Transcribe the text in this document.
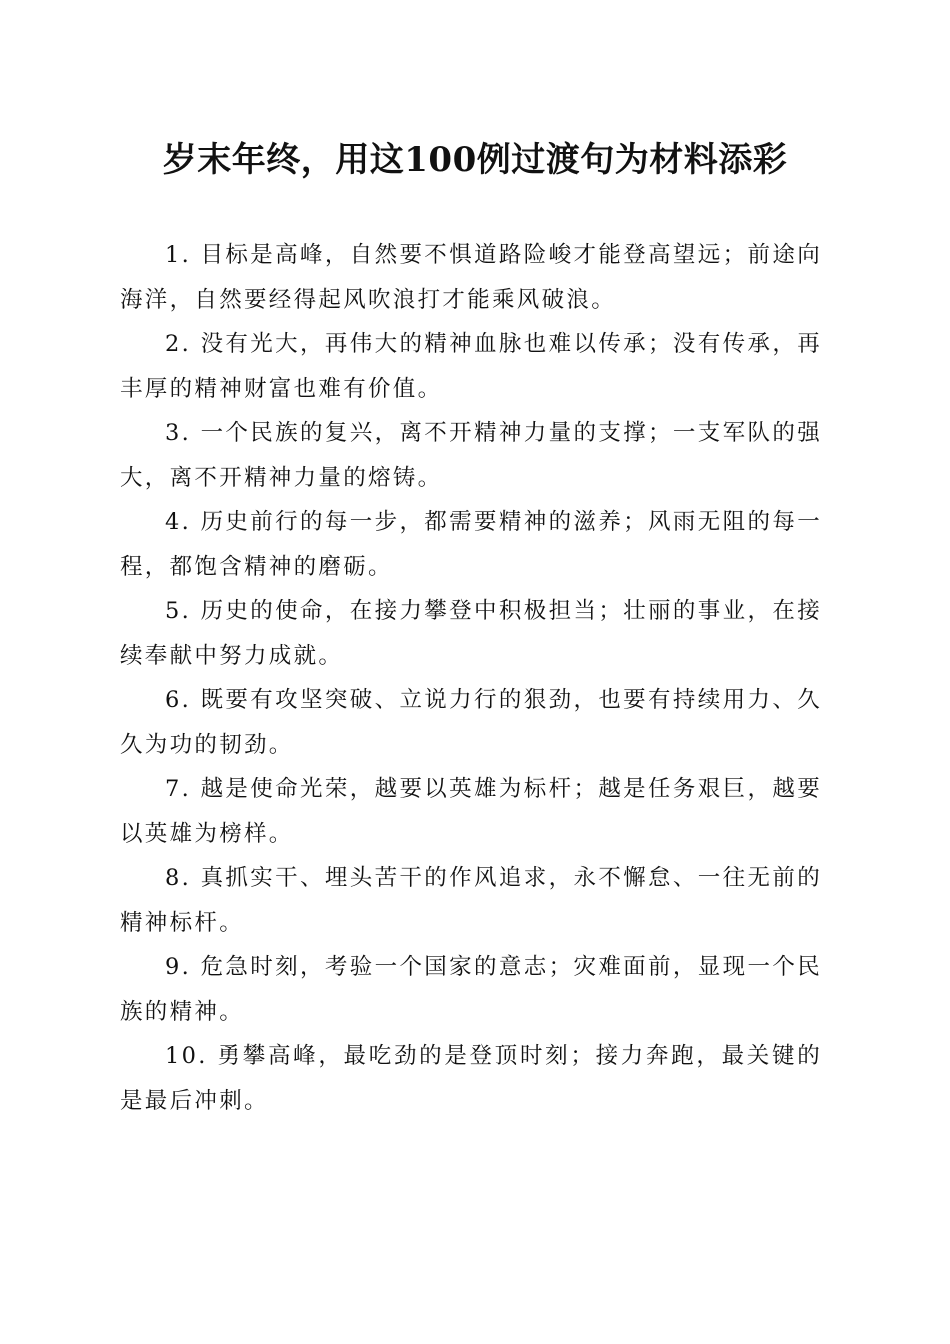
岁末年终，用这100例过渡句为材料添彩

1. 目标是高峰，自然要不惧道路险峻才能登高望远；前途向海洋，自然要经得起风吹浪打才能乘风破浪。

2. 没有光大，再伟大的精神血脉也难以传承；没有传承，再丰厚的精神财富也难有价值。

3. 一个民族的复兴，离不开精神力量的支撑；一支军队的强大，离不开精神力量的熔铸。

4. 历史前行的每一步，都需要精神的滋养；风雨无阻的每一程，都饱含精神的磨砺。

5. 历史的使命，在接力攀登中积极担当；壮丽的事业，在接续奉献中努力成就。

6. 既要有攻坚突破、立说力行的狠劲，也要有持续用力、久久为功的韧劲。

7. 越是使命光荣，越要以英雄为标杆；越是任务艰巨，越要以英雄为榜样。

8. 真抓实干、埋头苦干的作风追求，永不懈怠、一往无前的精神标杆。

9. 危急时刻，考验一个国家的意志；灾难面前，显现一个民族的精神。

10. 勇攀高峰，最吃劲的是登顶时刻；接力奔跑，最关键的是最后冲刺。
